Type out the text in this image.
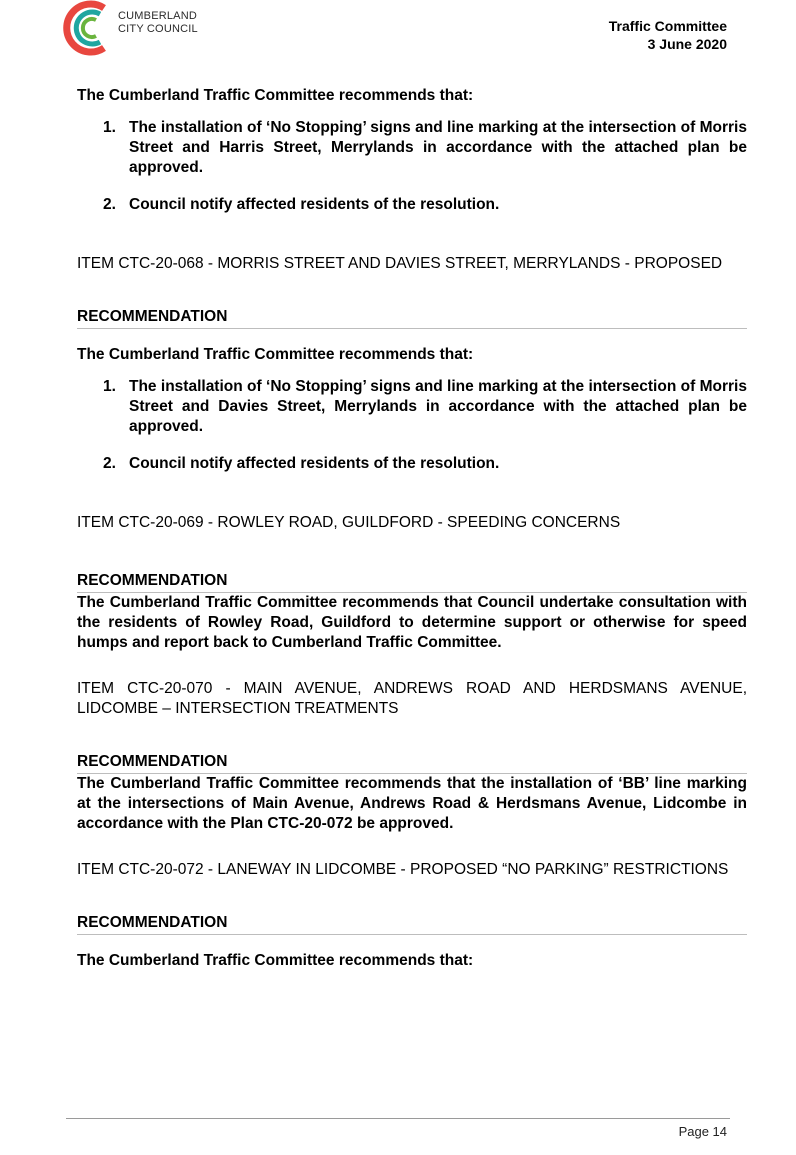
CUMBERLAND
CITY COUNCIL	Traffic Committee
3 June 2020

The Cumberland Traffic Committee recommends that:

1. The installation of ‘No Stopping’ signs and line marking at the intersection of Morris Street and Harris Street, Merrylands in accordance with the attached plan be approved.
2. Council notify affected residents of the resolution.

ITEM CTC-20-068 - MORRIS STREET AND DAVIES STREET, MERRYLANDS - PROPOSED

RECOMMENDATION

The Cumberland Traffic Committee recommends that:

1. The installation of ‘No Stopping’ signs and line marking at the intersection of Morris Street and Davies Street, Merrylands in accordance with the attached plan be approved.
2. Council notify affected residents of the resolution.

ITEM CTC-20-069 - ROWLEY ROAD, GUILDFORD - SPEEDING CONCERNS

RECOMMENDATION

The Cumberland Traffic Committee recommends that Council undertake consultation with the residents of Rowley Road, Guildford to determine support or otherwise for speed humps and report back to Cumberland Traffic Committee.

ITEM CTC-20-070 - MAIN AVENUE, ANDREWS ROAD AND HERDSMANS AVENUE, LIDCOMBE – INTERSECTION TREATMENTS

RECOMMENDATION

The Cumberland Traffic Committee recommends that the installation of ‘BB’ line marking at the intersections of Main Avenue, Andrews Road & Herdsmans Avenue, Lidcombe in accordance with the Plan CTC-20-072 be approved.

ITEM CTC-20-072 - LANEWAY IN LIDCOMBE - PROPOSED “NO PARKING” RESTRICTIONS

RECOMMENDATION

The Cumberland Traffic Committee recommends that:

Page 14
